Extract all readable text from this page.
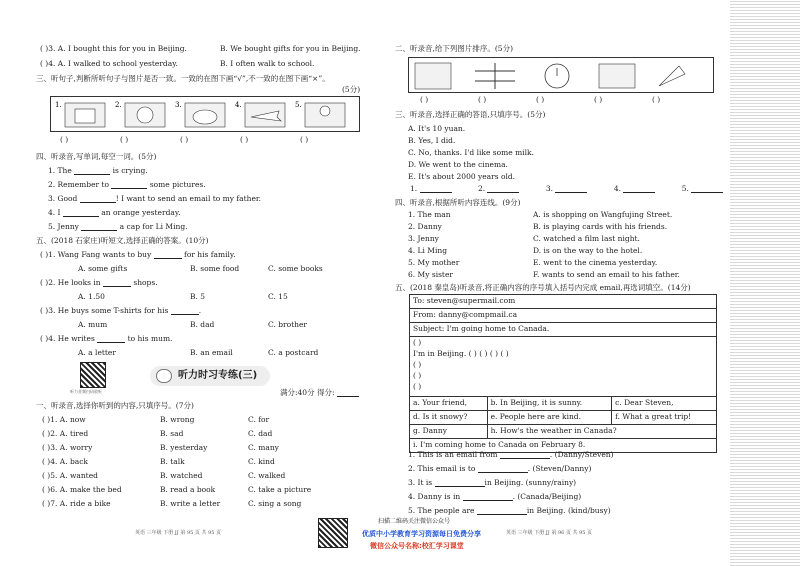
( )3. A. I bought this for you in Beijing.	B. We bought gifts for you in Beijing.
( )4. A. I walked to school yesterday.	B. I often walk to school.
三、听句子,判断所听句子与图片是否一致。一致的在图下画“√”,不一致的在图下画“×”。
(5分)
1.	2.	3.	4.	5.
( )	( )	( )	( )	( )
四、听录音,写单词,每空一词。(5分)
1. The	is crying.
2. Remember to	some pictures.
3. Good	! I want to send an email to my father.
4. I	an orange yesterday.
5. Jenny	a cap for Li Ming.
五、(2018 石家庄)听短文,选择正确的答案。(10分)
( )1. Wang Fang wants to buy	for his family.
A. some gifts	B. some food	C. some books
( )2. He looks in	shops.
A. 1.50	B. 5	C. 15
( )3. He buys some T-shirts for his	.
A. mum	B. dad	C. brother
( )4. He writes	to his mum.
A. a letter	B. an email	C. a postcard
听力音频扫码收听
听力时习专练(三)
满分:40分 得分:
一、听录音,选择你听到的内容,只填序号。(7分)
( )1. A. now	B. wrong	C. for
( )2. A. tired	B. sad	C. dad
( )3. A. worry	B. yesterday	C. many
( )4. A. back	B. talk	C. kind
( )5. A. wanted	B. watched	C. walked
( )6. A. make the bed	B. read a book	C. take a picture
( )7. A. ride a bike	B. write a letter	C. sing a song
英语 三年级 下册 JJ 第 95 页 共 95 页
二、听录音,给下列图片排序。(5分)
( )	( )	( )	( )	( )
三、听录音,选择正确的答语,只填序号。(5分)
A. It's 10 yuan.
B. Yes, I did.
C. No, thanks. I'd like some milk.
D. We went to the cinema.
E. It's about 2000 years old.
1.	2.	3.	4.	5.
四、听录音,根据所听内容连线。(9分)
1. The man	A. is shopping on Wangfujing Street.
2. Danny	B. is playing cards with his friends.
3. Jenny	C. watched a film last night.
4. Li Ming	D. is on the way to the hotel.
5. My mother	E. went to the cinema yesterday.
6. My sister	F. wants to send an email to his father.
五、(2018 秦皇岛)听录音,将正确内容的序号填入括号内完成 email,再选词填空。(14分)
To: steven@supermail.com		
From: danny@compmail.ca		
Subject: I'm going home to Canada.		

( )
I'm in Beijing. ( ) ( ) ( ) ( )
( )
( )
( )		

a. Your friend,	b. In Beijing, it is sunny.	c. Dear Steven,
d. Is it snowy?	e. People here are kind.	f. What a great trip!
g. Danny	h. How's the weather in Canada?	
i. I'm coming home to Canada on February 8.		
1. This is an email from	. (Danny/Steven)
2. This email is to	. (Steven/Danny)
3. It is	in Beijing. (sunny/rainy)
4. Danny is in	. (Canada/Beijing)
5. The people are	in Beijing. (kind/busy)
英语 三年级 下册 JJ 第 96 页 共 95 页
扫描二维码关注微信公众号
优质中小学教育学习资源每日免费分享
微信公众号名称:校汇学习课堂
